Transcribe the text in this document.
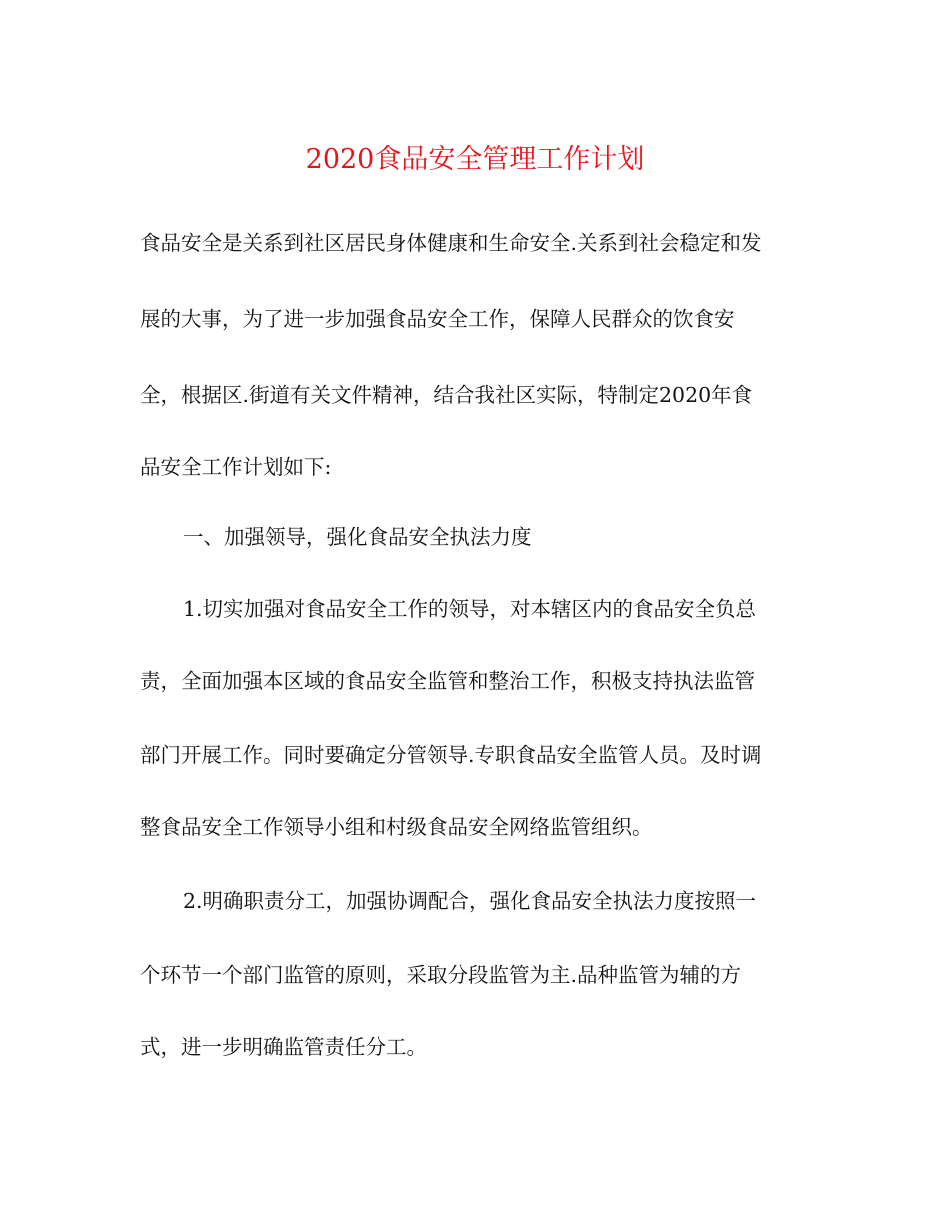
2020食品安全管理工作计划
食品安全是关系到社区居民身体健康和生命安全.关系到社会稳定和发
展的大事，为了进一步加强食品安全工作，保障人民群众的饮食安
全，根据区.街道有关文件精神，结合我社区实际，特制定2020年食
品安全工作计划如下:
一、加强领导，强化食品安全执法力度
1.切实加强对食品安全工作的领导，对本辖区内的食品安全负总
责，全面加强本区域的食品安全监管和整治工作，积极支持执法监管
部门开展工作。同时要确定分管领导.专职食品安全监管人员。及时调
整食品安全工作领导小组和村级食品安全网络监管组织。
2.明确职责分工，加强协调配合，强化食品安全执法力度按照一
个环节一个部门监管的原则，采取分段监管为主.品种监管为辅的方
式，进一步明确监管责任分工。
